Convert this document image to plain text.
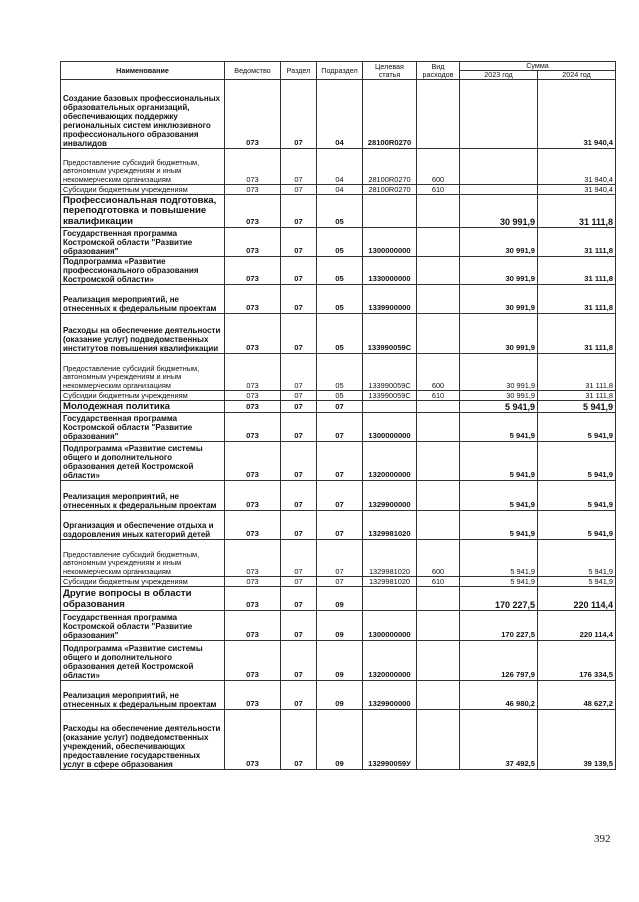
Наименование	Ведомство	Раздел	Подраздел	Целевая статья	Вид расходов	Сумма	
						2023 год	2024 год
Создание базовых профессиональных образовательных организаций, обеспечивающих поддержку региональных систем инклюзивного профессионального образования инвалидов	073	07	04	28100R0270			31 940,4
Предоставление субсидий бюджетным, автономным учреждениям и иным некоммерческим организациям	073	07	04	28100R0270	600		31 940,4
Субсидии бюджетным учреждениям	073	07	04	28100R0270	610		31 940,4
Профессиональная подготовка, переподготовка и повышение квалификации	073	07	05			30 991,9	31 111,8
Государственная программа Костромской области "Развитие образования"	073	07	05	1300000000		30 991,9	31 111,8
Подпрограмма «Развитие профессионального образования Костромской области»	073	07	05	1330000000		30 991,9	31 111,8
Реализация мероприятий, не отнесенных к федеральным проектам	073	07	05	1339900000		30 991,9	31 111,8
Расходы на обеспечение деятельности (оказание услуг) подведомственных институтов повышения квалификации	073	07	05	133990059С		30 991,9	31 111,8
Предоставление субсидий бюджетным, автономным учреждениям и иным некоммерческим организациям	073	07	05	133990059С	600	30 991,9	31 111,8
Субсидии бюджетным учреждениям	073	07	05	133990059С	610	30 991,9	31 111,8
Молодежная политика	073	07	07			5 941,9	5 941,9
Государственная программа Костромской области "Развитие образования"	073	07	07	1300000000		5 941,9	5 941,9
Подпрограмма «Развитие системы общего и дополнительного образования детей Костромской области»	073	07	07	1320000000		5 941,9	5 941,9
Реализация мероприятий, не отнесенных к федеральным проектам	073	07	07	1329900000		5 941,9	5 941,9
Организация и обеспечение отдыха и оздоровления иных категорий детей	073	07	07	1329981020		5 941,9	5 941,9
Предоставление субсидий бюджетным, автономным учреждениям и иным некоммерческим организациям	073	07	07	1329981020	600	5 941,9	5 941,9
Субсидии бюджетным учреждениям	073	07	07	1329981020	610	5 941,9	5 941,9
Другие вопросы в области образования	073	07	09			170 227,5	220 114,4
Государственная программа Костромской области "Развитие образования"	073	07	09	1300000000		170 227,5	220 114,4
Подпрограмма «Развитие системы общего и дополнительного образования детей Костромской области»	073	07	09	1320000000		126 797,9	176 334,5
Реализация мероприятий, не отнесенных к федеральным проектам	073	07	09	1329900000		46 980,2	48 627,2
Расходы на обеспечение деятельности (оказание услуг) подведомственных учреждений, обеспечивающих предоставление государственных услуг в сфере образования	073	07	09	132990059У		37 492,5	39 139,5
392
